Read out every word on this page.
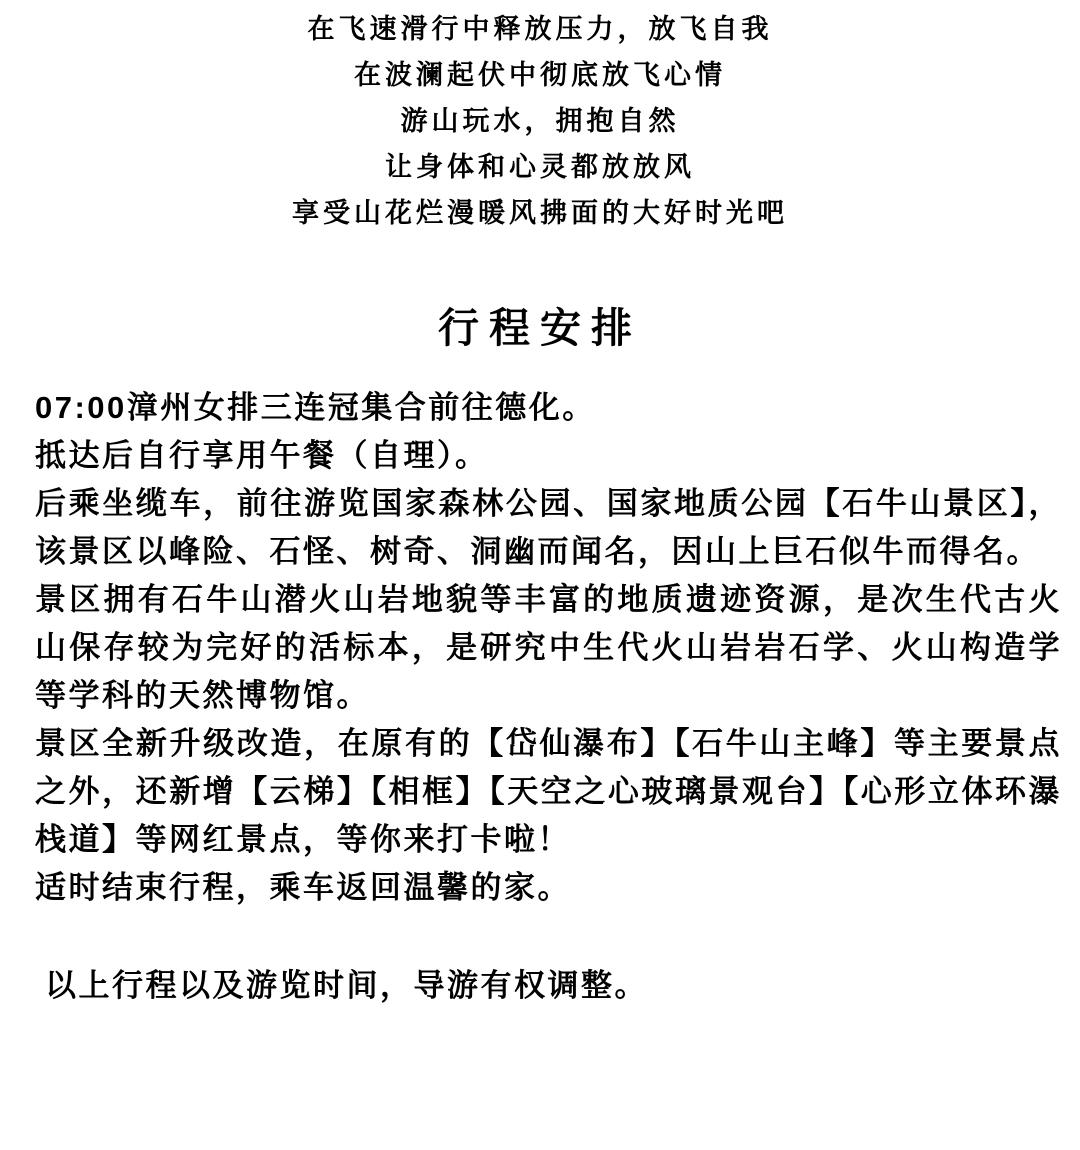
在飞速滑行中释放压力，放飞自我
在波澜起伏中彻底放飞心情
游山玩水，拥抱自然
让身体和心灵都放放风
享受山花烂漫暖风拂面的大好时光吧
行程安排

07:00漳州女排三连冠集合前往德化。

抵达后自行享用午餐（自理）。

后乘坐缆车，前往游览国家森林公园、国家地质公园【石牛山景区】，该景区以峰险、石怪、树奇、洞幽而闻名，因山上巨石似牛而得名。

景区拥有石牛山潜火山岩地貌等丰富的地质遗迹资源，是次生代古火山保存较为完好的活标本，是研究中生代火山岩岩石学、火山构造学等学科的天然博物馆。

景区全新升级改造，在原有的【岱仙瀑布】【石牛山主峰】等主要景点之外，还新增【云梯】【相框】【天空之心玻璃景观台】【心形立体环瀑栈道】等网红景点，等你来打卡啦！

适时结束行程，乘车返回温馨的家。

以上行程以及游览时间，导游有权调整。
